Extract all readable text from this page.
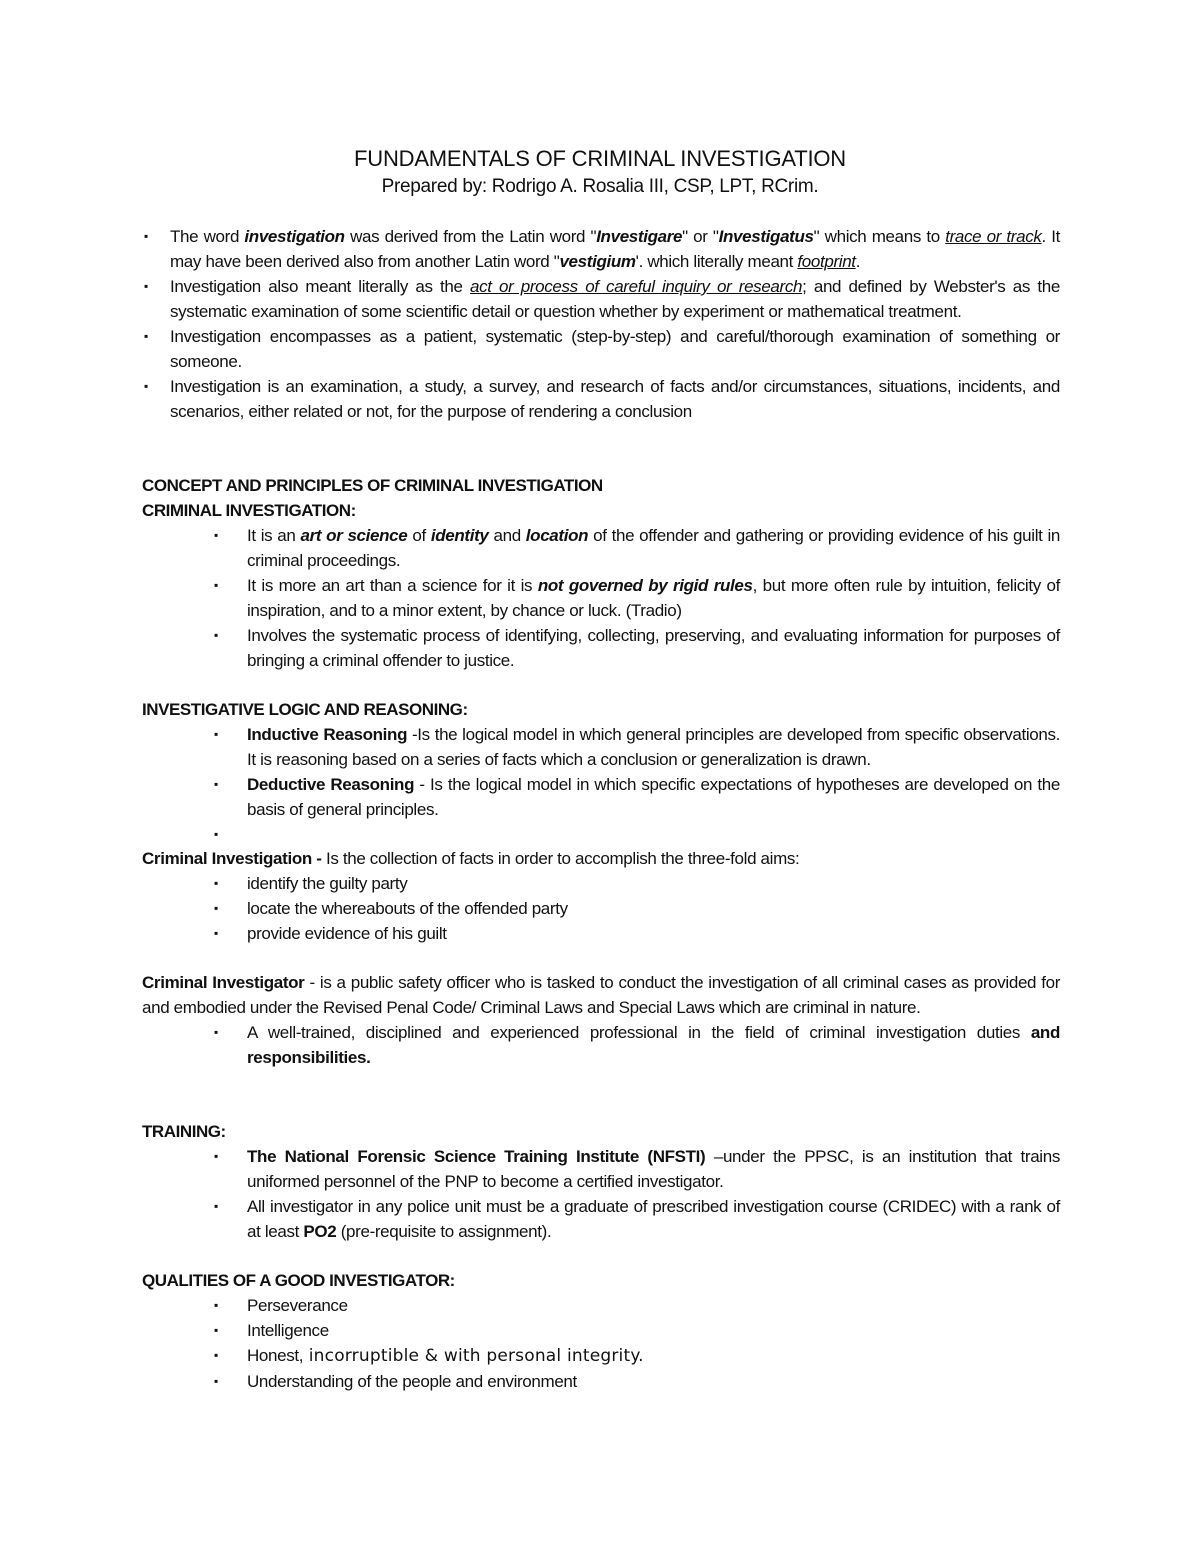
FUNDAMENTALS OF CRIMINAL INVESTIGATION
Prepared by: Rodrigo A. Rosalia III, CSP, LPT, RCrim.
▪ The word investigation was derived from the Latin word "Investigare" or "Investigatus" which means to trace or track. It may have been derived also from another Latin word "vestigium'. which literally meant footprint.
▪ Investigation also meant literally as the act or process of careful inquiry or research; and defined by Webster's as the systematic examination of some scientific detail or question whether by experiment or mathematical treatment.
▪ Investigation encompasses as a patient, systematic (step-by-step) and careful/thorough examination of something or someone.
▪ Investigation is an examination, a study, a survey, and research of facts and/or circumstances, situations, incidents, and scenarios, either related or not, for the purpose of rendering a conclusion
CONCEPT AND PRINCIPLES OF CRIMINAL INVESTIGATION
CRIMINAL INVESTIGATION:
▪ It is an art or science of identity and location of the offender and gathering or providing evidence of his guilt in criminal proceedings.
▪ It is more an art than a science for it is not governed by rigid rules, but more often rule by intuition, felicity of inspiration, and to a minor extent, by chance or luck. (Tradio)
▪ Involves the systematic process of identifying, collecting, preserving, and evaluating information for purposes of bringing a criminal offender to justice.
INVESTIGATIVE LOGIC AND REASONING:
▪ Inductive Reasoning -Is the logical model in which general principles are developed from specific observations. It is reasoning based on a series of facts which a conclusion or generalization is drawn.
▪ Deductive Reasoning - Is the logical model in which specific expectations of hypotheses are developed on the basis of general principles.
▪
Criminal Investigation - Is the collection of facts in order to accomplish the three-fold aims:
▪ identify the guilty party
▪ locate the whereabouts of the offended party
▪ provide evidence of his guilt
Criminal Investigator - is a public safety officer who is tasked to conduct the investigation of all criminal cases as provided for and embodied under the Revised Penal Code/ Criminal Laws and Special Laws which are criminal in nature.
▪ A well-trained, disciplined and experienced professional in the field of criminal investigation duties and responsibilities.
TRAINING:
▪ The National Forensic Science Training Institute (NFSTI) –under the PPSC, is an institution that trains uniformed personnel of the PNP to become a certified investigator.
▪ All investigator in any police unit must be a graduate of prescribed investigation course (CRIDEC) with a rank of at least PO2 (pre-requisite to assignment).
QUALITIES OF A GOOD INVESTIGATOR:
▪ Perseverance
▪ Intelligence
▪ Honest, incorruptible & with personal integrity.
▪ Understanding of the people and environment
